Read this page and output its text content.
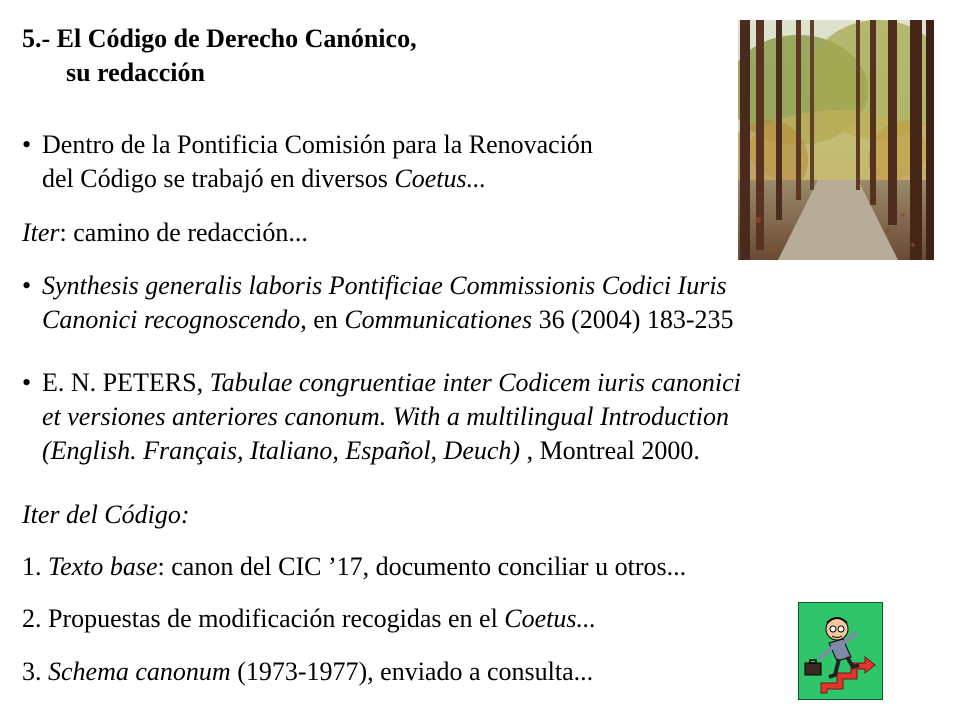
5.- El Código de Derecho Canónico,
su redacción
• Dentro de la Pontificia Comisión para la Renovación
del Código se trabajó en diversos Coetus...
Iter: camino de redacción...
• Synthesis generalis laboris Pontificiae Commissionis Codici Iuris
Canonici recognoscendo, en Communicationes 36 (2004) 183-235
• E. N. PETERS, Tabulae congruentiae inter Codicem iuris canonici
et versiones anteriores canonum. With a multilingual Introduction
(English. Français, Italiano, Español, Deuch) , Montreal 2000.
Iter del Código:
1. Texto base: canon del CIC ’17, documento conciliar u otros...
2. Propuestas de modificación recogidas en el Coetus...
3. Schema canonum (1973-1977), enviado a consulta...
